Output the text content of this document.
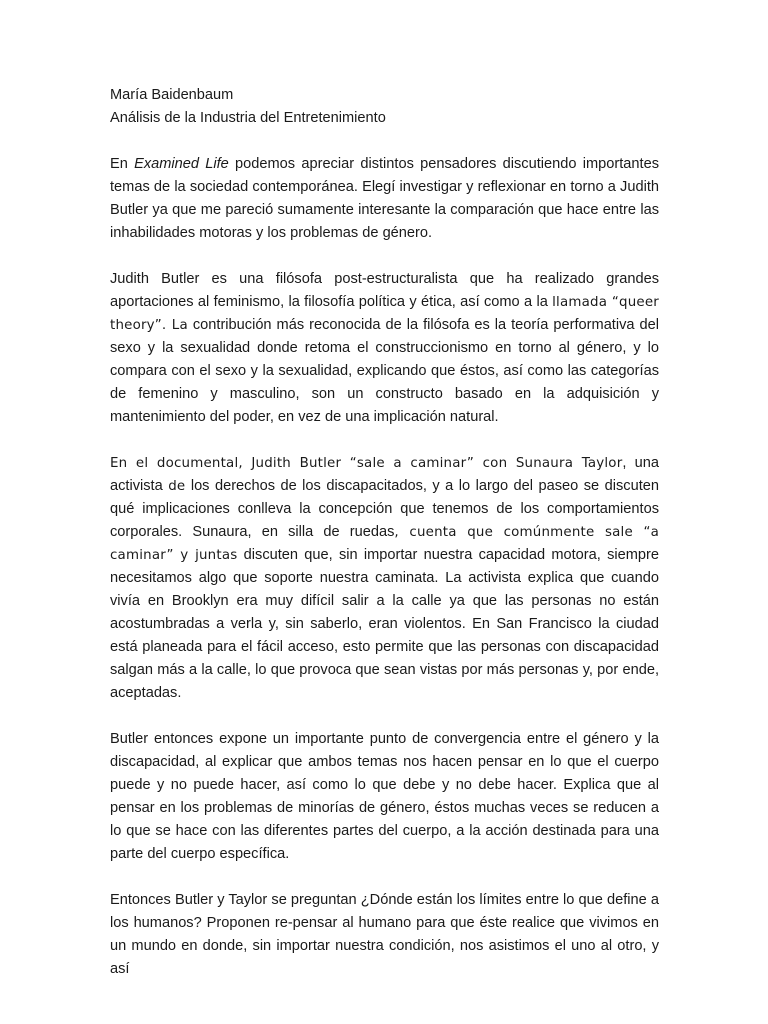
María Baidenbaum

Análisis de la Industria del Entretenimiento

En Examined Life podemos apreciar distintos pensadores discutiendo importantes temas de la sociedad contemporánea. Elegí investigar y reflexionar en torno a Judith Butler ya que me pareció sumamente interesante la comparación que hace entre las inhabilidades motoras y los problemas de género.

Judith Butler es una filósofa post-estructuralista que ha realizado grandes aportaciones al feminismo, la filosofía política y ética, así como a la llamada “queer theory”. La contribución más reconocida de la filósofa es la teoría performativa del sexo y la sexualidad donde retoma el construccionismo en torno al género, y lo compara con el sexo y la sexualidad, explicando que éstos, así como las categorías de femenino y masculino, son un constructo basado en la adquisición y mantenimiento del poder, en vez de una implicación natural.

En el documental, Judith Butler “sale a caminar” con Sunaura Taylor, una activista de los derechos de los discapacitados, y a lo largo del paseo se discuten qué implicaciones conlleva la concepción que tenemos de los comportamientos corporales. Sunaura, en silla de ruedas, cuenta que comúnmente sale “a caminar” y juntas discuten que, sin importar nuestra capacidad motora, siempre necesitamos algo que soporte nuestra caminata. La activista explica que cuando vivía en Brooklyn era muy difícil salir a la calle ya que las personas no están acostumbradas a verla y, sin saberlo, eran violentos. En San Francisco la ciudad está planeada para el fácil acceso, esto permite que las personas con discapacidad salgan más a la calle, lo que provoca que sean vistas por más personas y, por ende, aceptadas.

Butler entonces expone un importante punto de convergencia entre el género y la discapacidad, al explicar que ambos temas nos hacen pensar en lo que el cuerpo puede y no puede hacer, así como lo que debe y no debe hacer. Explica que al pensar en los problemas de minorías de género, éstos muchas veces se reducen a lo que se hace con las diferentes partes del cuerpo, a la acción destinada para una parte del cuerpo específica.

Entonces Butler y Taylor se preguntan ¿Dónde están los límites entre lo que define a los humanos? Proponen re-pensar al humano para que éste realice que vivimos en un mundo en donde, sin importar nuestra condición, nos asistimos el uno al otro, y así
